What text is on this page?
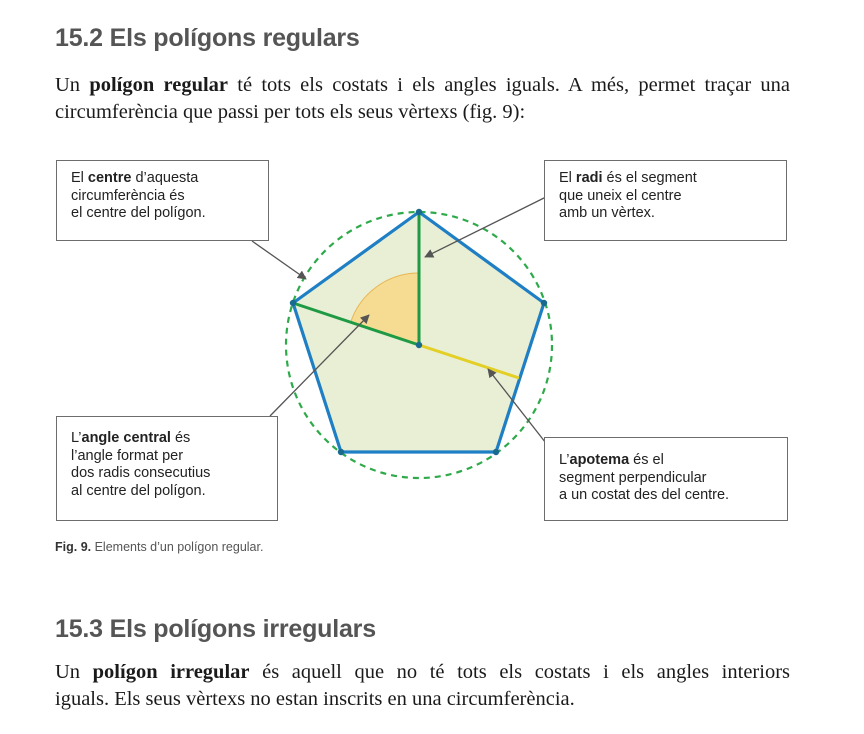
15.2 Els polígons regulars

Un polígon regular té tots els costats i els angles iguals. A més, permet traçar una
circumferència que passi per tots els seus vèrtexs (fig. 9):

El centre d’aquesta
circumferència és
el centre del polígon.
El radi és el segment
que uneix el centre
amb un vèrtex.
L’angle central és
l’angle format per
dos radis consecutius
al centre del polígon.
L’apotema és el
segment perpendicular
a un costat des del centre.

Fig. 9. Elements d’un polígon regular.

15.3 Els polígons irregulars

Un polígon irregular és aquell que no té tots els costats i els angles interiors
iguals. Els seus vèrtexs no estan inscrits en una circumferència.
